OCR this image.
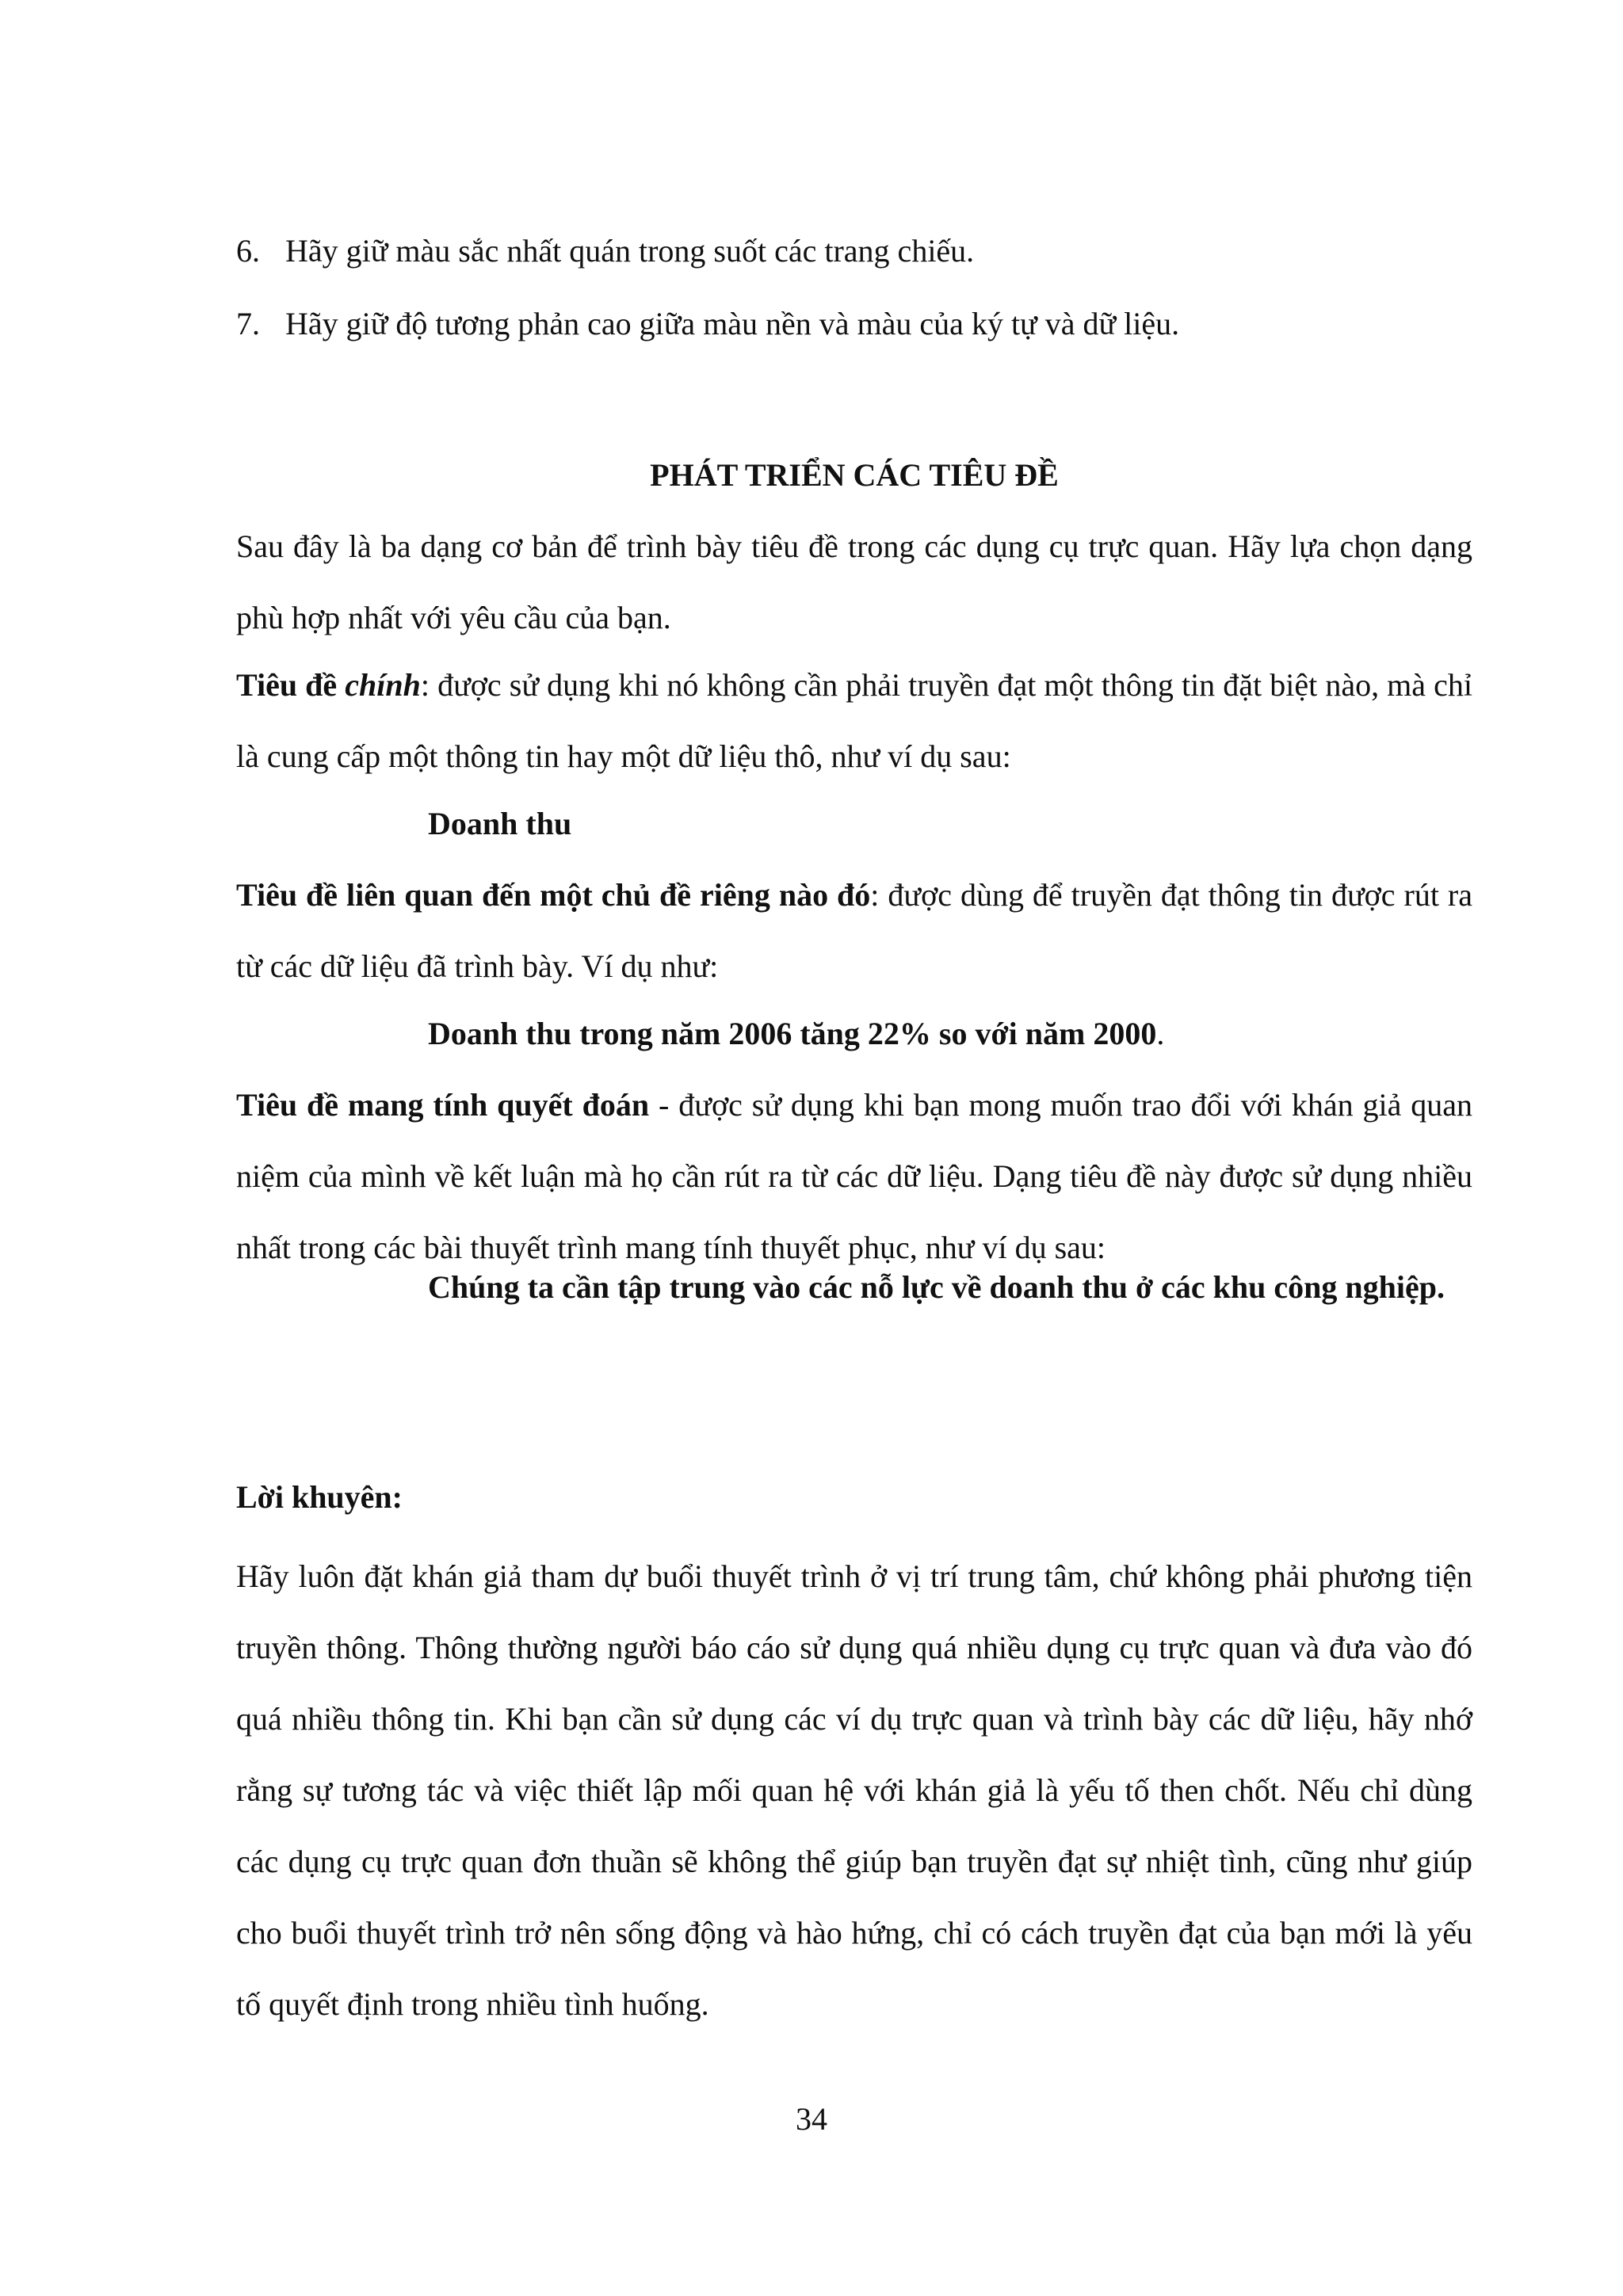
6. Hãy giữ màu sắc nhất quán trong suốt các trang chiếu.
7. Hãy giữ độ tương phản cao giữa màu nền và màu của ký tự và dữ liệu.
PHÁT TRIỂN CÁC TIÊU ĐỀ
Sau đây là ba dạng cơ bản để trình bày tiêu đề trong các dụng cụ trực quan. Hãy lựa chọn dạng phù hợp nhất với yêu cầu của bạn.
Tiêu đề chính: được sử dụng khi nó không cần phải truyền đạt một thông tin đặt biệt nào, mà chỉ là cung cấp một thông tin hay một dữ liệu thô, như ví dụ sau:
Doanh thu
Tiêu đề liên quan đến một chủ đề riêng nào đó: được dùng để truyền đạt thông tin được rút ra từ các dữ liệu đã trình bày. Ví dụ như:
Doanh thu trong năm 2006 tăng 22% so với năm 2000.
Tiêu đề mang tính quyết đoán - được sử dụng khi bạn mong muốn trao đổi với khán giả quan niệm của mình về kết luận mà họ cần rút ra từ các dữ liệu. Dạng tiêu đề này được sử dụng nhiều nhất trong các bài thuyết trình mang tính thuyết phục, như ví dụ sau:
Chúng ta cần tập trung vào các nỗ lực về doanh thu ở các khu công nghiệp.
Lời khuyên:
Hãy luôn đặt khán giả tham dự buổi thuyết trình ở vị trí trung tâm, chứ không phải phương tiện truyền thông. Thông thường người báo cáo sử dụng quá nhiều dụng cụ trực quan và đưa vào đó quá nhiều thông tin. Khi bạn cần sử dụng các ví dụ trực quan và trình bày các dữ liệu, hãy nhớ rằng sự tương tác và việc thiết lập mối quan hệ với khán giả là yếu tố then chốt. Nếu chỉ dùng các dụng cụ trực quan đơn thuần sẽ không thể giúp bạn truyền đạt sự nhiệt tình, cũng như giúp cho buổi thuyết trình trở nên sống động và hào hứng, chỉ có cách truyền đạt của bạn mới là yếu tố quyết định trong nhiều tình huống.
34
